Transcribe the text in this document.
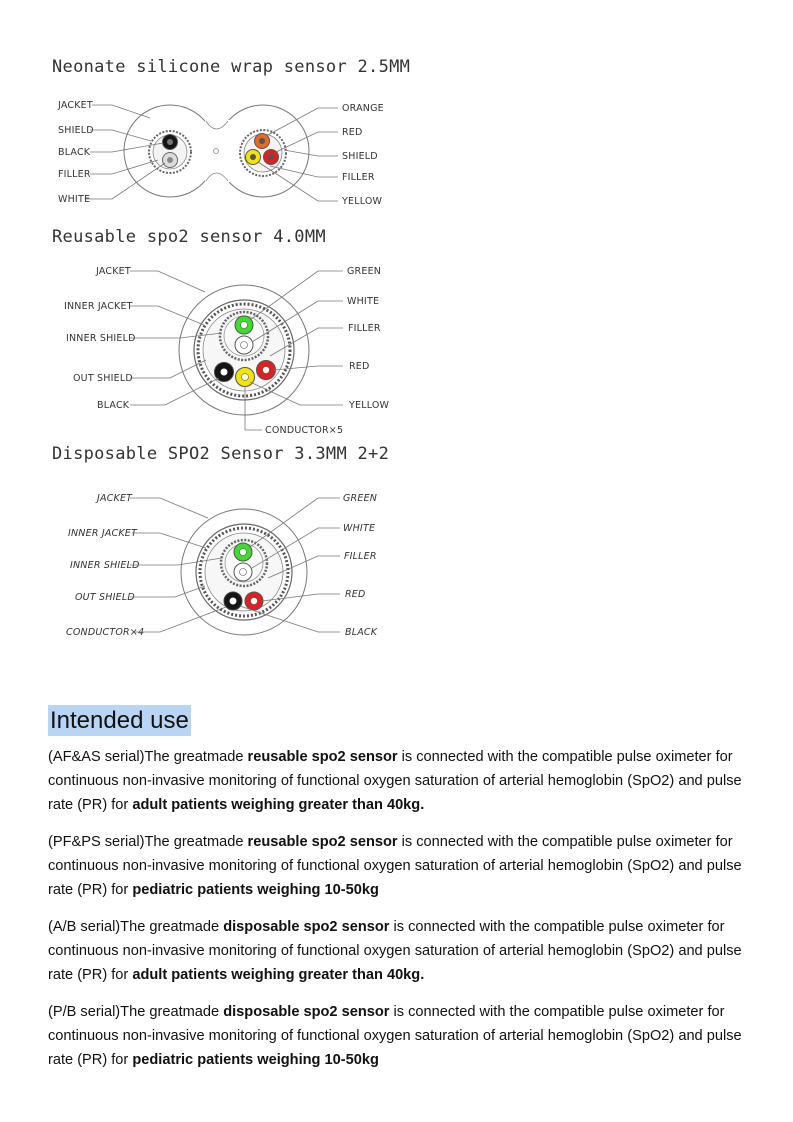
Neonate silicone wrap sensor 2.5MM
JACKET
SHIELD
BLACK
FILLER
WHITE
ORANGE
RED
SHIELD
FILLER
YELLOW
Reusable spo2 sensor 4.0MM
JACKET
INNER JACKET
INNER SHIELD
OUT SHIELD
BLACK
GREEN
WHITE
FILLER
RED
YELLOW
CONDUCTOR×5
Disposable SPO2 Sensor 3.3MM 2+2
JACKET
INNER JACKET
INNER SHIELD
OUT SHIELD
CONDUCTOR×4
GREEN
WHITE
FILLER
RED
BLACK
Intended use

(AF&AS serial)The greatmade reusable spo2 sensor is connected with the compatible pulse oximeter for continuous non-invasive monitoring of functional oxygen saturation of arterial hemoglobin (SpO2) and pulse rate (PR) for adult patients weighing greater than 40kg.

(PF&PS serial)The greatmade reusable spo2 sensor is connected with the compatible pulse oximeter for continuous non-invasive monitoring of functional oxygen saturation of arterial hemoglobin (SpO2) and pulse rate (PR) for pediatric patients weighing 10-50kg

(A/B serial)The greatmade disposable spo2 sensor is connected with the compatible pulse oximeter for continuous non-invasive monitoring of functional oxygen saturation of arterial hemoglobin (SpO2) and pulse rate (PR) for adult patients weighing greater than 40kg.

(P/B serial)The greatmade disposable spo2 sensor is connected with the compatible pulse oximeter for continuous non-invasive monitoring of functional oxygen saturation of arterial hemoglobin (SpO2) and pulse rate (PR) for pediatric patients weighing 10-50kg
